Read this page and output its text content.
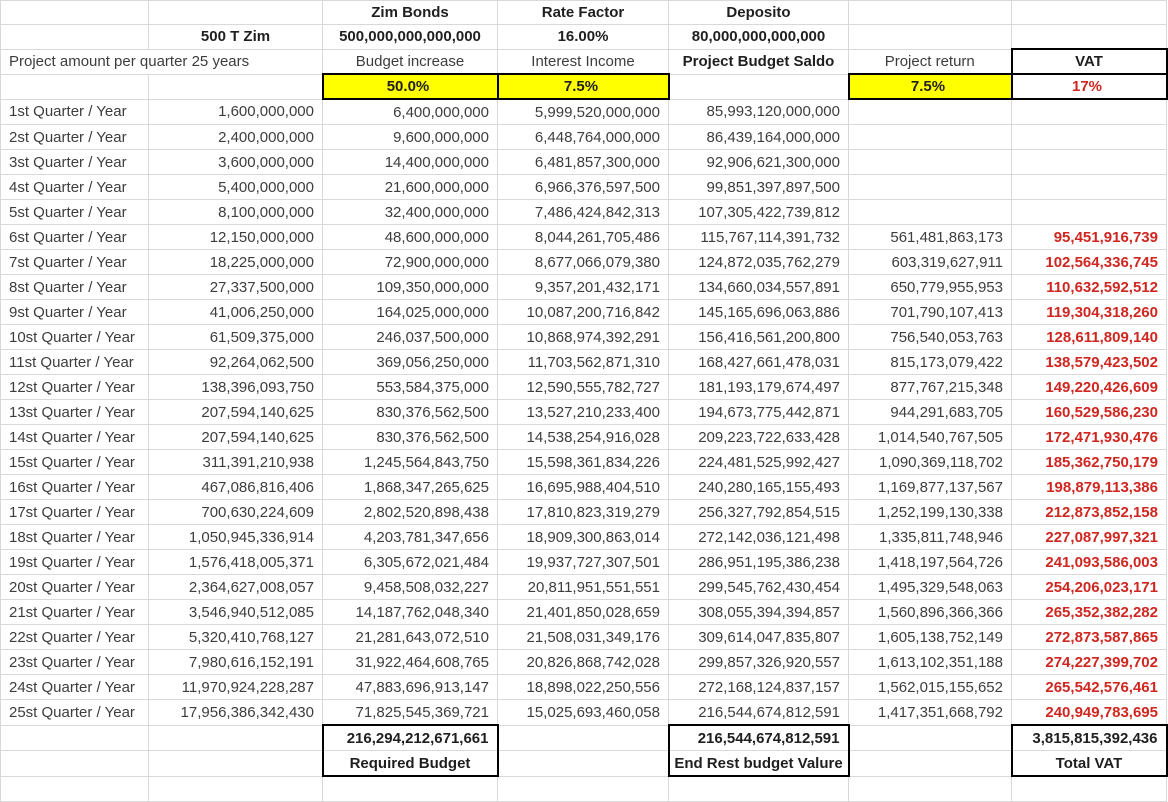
		Zim Bonds	Rate Factor	Deposito		
	500 T Zim	500,000,000,000,000	16.00%	80,000,000,000,000		
Project amount per quarter 25 years		Budget increase	Interest Income	Project Budget Saldo	Project return	VAT
		50.0%	7.5%		7.5%	17%
1st Quarter / Year	1,600,000,000	6,400,000,000	5,999,520,000,000	85,993,120,000,000		
2st Quarter / Year	2,400,000,000	9,600,000,000	6,448,764,000,000	86,439,164,000,000		
3st Quarter / Year	3,600,000,000	14,400,000,000	6,481,857,300,000	92,906,621,300,000		
4st Quarter / Year	5,400,000,000	21,600,000,000	6,966,376,597,500	99,851,397,897,500		
5st Quarter / Year	8,100,000,000	32,400,000,000	7,486,424,842,313	107,305,422,739,812		
6st Quarter / Year	12,150,000,000	48,600,000,000	8,044,261,705,486	115,767,114,391,732	561,481,863,173	95,451,916,739
7st Quarter / Year	18,225,000,000	72,900,000,000	8,677,066,079,380	124,872,035,762,279	603,319,627,911	102,564,336,745
8st Quarter / Year	27,337,500,000	109,350,000,000	9,357,201,432,171	134,660,034,557,891	650,779,955,953	110,632,592,512
9st Quarter / Year	41,006,250,000	164,025,000,000	10,087,200,716,842	145,165,696,063,886	701,790,107,413	119,304,318,260
10st Quarter / Year	61,509,375,000	246,037,500,000	10,868,974,392,291	156,416,561,200,800	756,540,053,763	128,611,809,140
11st Quarter / Year	92,264,062,500	369,056,250,000	11,703,562,871,310	168,427,661,478,031	815,173,079,422	138,579,423,502
12st Quarter / Year	138,396,093,750	553,584,375,000	12,590,555,782,727	181,193,179,674,497	877,767,215,348	149,220,426,609
13st Quarter / Year	207,594,140,625	830,376,562,500	13,527,210,233,400	194,673,775,442,871	944,291,683,705	160,529,586,230
14st Quarter / Year	207,594,140,625	830,376,562,500	14,538,254,916,028	209,223,722,633,428	1,014,540,767,505	172,471,930,476
15st Quarter / Year	311,391,210,938	1,245,564,843,750	15,598,361,834,226	224,481,525,992,427	1,090,369,118,702	185,362,750,179
16st Quarter / Year	467,086,816,406	1,868,347,265,625	16,695,988,404,510	240,280,165,155,493	1,169,877,137,567	198,879,113,386
17st Quarter / Year	700,630,224,609	2,802,520,898,438	17,810,823,319,279	256,327,792,854,515	1,252,199,130,338	212,873,852,158
18st Quarter / Year	1,050,945,336,914	4,203,781,347,656	18,909,300,863,014	272,142,036,121,498	1,335,811,748,946	227,087,997,321
19st Quarter / Year	1,576,418,005,371	6,305,672,021,484	19,937,727,307,501	286,951,195,386,238	1,418,197,564,726	241,093,586,003
20st Quarter / Year	2,364,627,008,057	9,458,508,032,227	20,811,951,551,551	299,545,762,430,454	1,495,329,548,063	254,206,023,171
21st Quarter / Year	3,546,940,512,085	14,187,762,048,340	21,401,850,028,659	308,055,394,394,857	1,560,896,366,366	265,352,382,282
22st Quarter / Year	5,320,410,768,127	21,281,643,072,510	21,508,031,349,176	309,614,047,835,807	1,605,138,752,149	272,873,587,865
23st Quarter / Year	7,980,616,152,191	31,922,464,608,765	20,826,868,742,028	299,857,326,920,557	1,613,102,351,188	274,227,399,702
24st Quarter / Year	11,970,924,228,287	47,883,696,913,147	18,898,022,250,556	272,168,124,837,157	1,562,015,155,652	265,542,576,461
25st Quarter / Year	17,956,386,342,430	71,825,545,369,721	15,025,693,460,058	216,544,674,812,591	1,417,351,668,792	240,949,783,695
		216,294,212,671,661		216,544,674,812,591		3,815,815,392,436
		Required Budget		End Rest budget Valure		Total VAT
